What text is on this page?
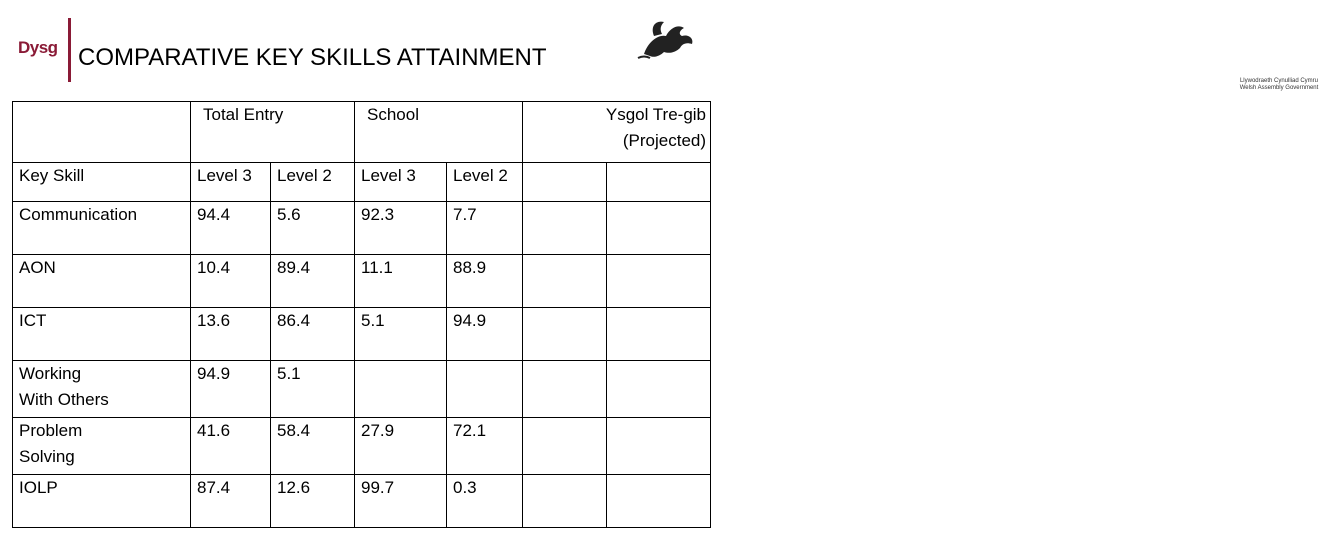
Dysg COMPARATIVE KEY SKILLS ATTAINMENT
Llywodraeth Cynulliad Cymru
Welsh Assembly Government
	Total Entry		School		Ysgol Tre-gib
(Projected)	

Key Skill	Level 3	Level 2	Level 3	Level 2		
Communication	94.4	5.6	92.3	7.7		
AON	10.4	89.4	11.1	88.9		
ICT	13.6	86.4	5.1	94.9		

Working
With Others	94.9	5.1				

Problem
Solving	41.6	58.4	27.9	72.1		
IOLP	87.4	12.6	99.7	0.3		
